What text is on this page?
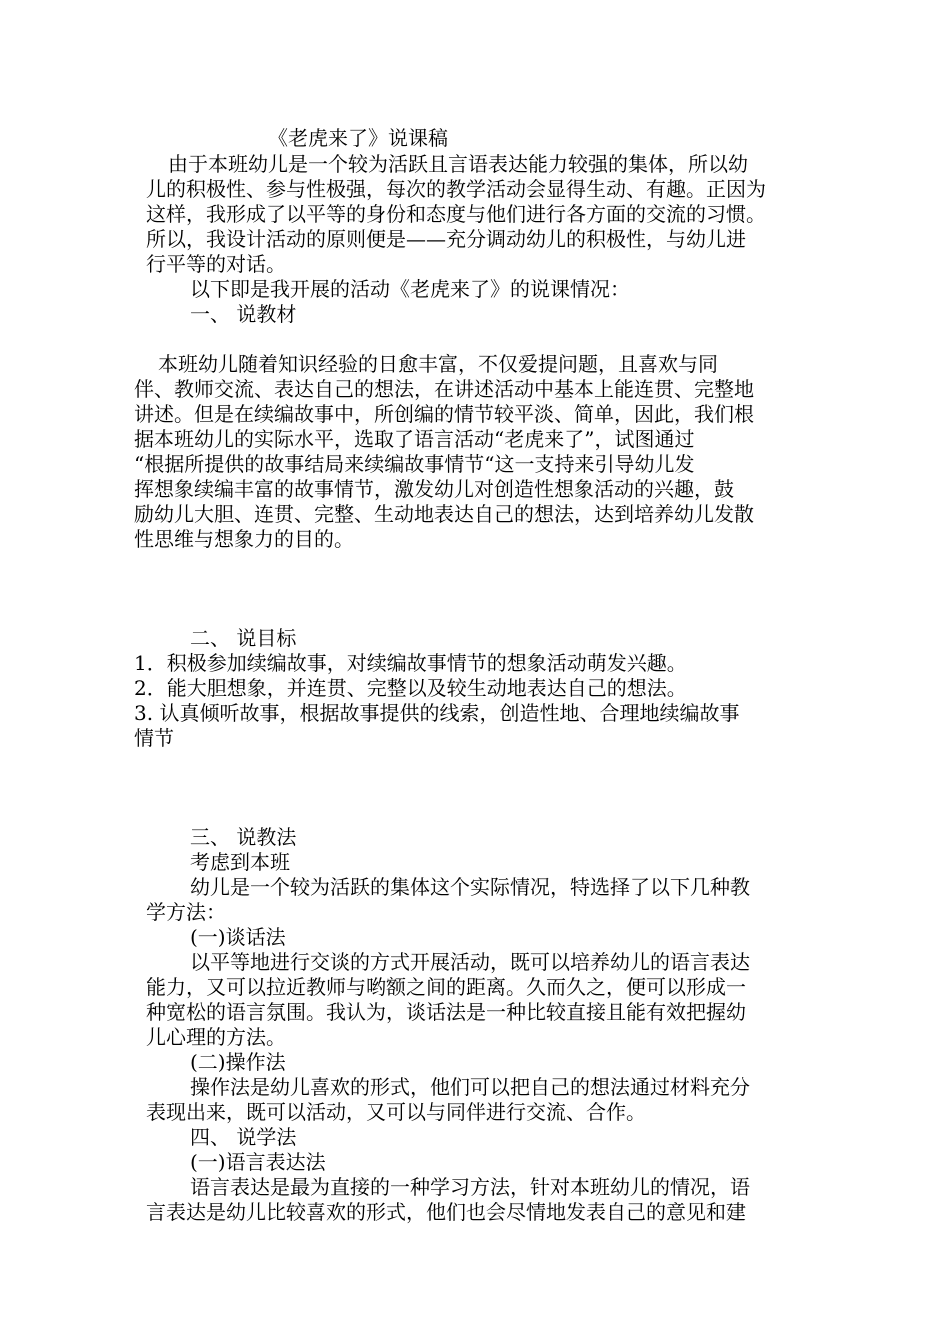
《老虎来了》说课稿
由于本班幼儿是一个较为活跃且言语表达能力较强的集体，所以幼
儿的积极性、参与性极强，每次的教学活动会显得生动、有趣。正因为
这样，我形成了以平等的身份和态度与他们进行各方面的交流的习惯。
所以，我设计活动的原则便是——充分调动幼儿的积极性，与幼儿进
行平等的对话。
以下即是我开展的活动《老虎来了》的说课情况：
一、 说教材
本班幼儿随着知识经验的日愈丰富，不仅爱提问题，且喜欢与同
伴、教师交流、表达自己的想法，在讲述活动中基本上能连贯、完整地
讲述。但是在续编故事中，所创编的情节较平淡、简单，因此，我们根
据本班幼儿的实际水平，选取了语言活动“老虎来了”，试图通过
“根据所提供的故事结局来续编故事情节“这一支持来引导幼儿发
挥想象续编丰富的故事情节，激发幼儿对创造性想象活动的兴趣，鼓
励幼儿大胆、连贯、完整、生动地表达自己的想法，达到培养幼儿发散
性思维与想象力的目的。
二、 说目标
1．积极参加续编故事，对续编故事情节的想象活动萌发兴趣。
2．能大胆想象，并连贯、完整以及较生动地表达自己的想法。
3. 认真倾听故事，根据故事提供的线索，创造性地、合理地续编故事
情节
三、 说教法
考虑到本班
幼儿是一个较为活跃的集体这个实际情况，特选择了以下几种教
学方法：
(一)谈话法
以平等地进行交谈的方式开展活动，既可以培养幼儿的语言表达
能力，又可以拉近教师与哟额之间的距离。久而久之，便可以形成一
种宽松的语言氛围。我认为，谈话法是一种比较直接且能有效把握幼
儿心理的方法。
(二)操作法
操作法是幼儿喜欢的形式，他们可以把自己的想法通过材料充分
表现出来，既可以活动，又可以与同伴进行交流、合作。
四、 说学法
(一)语言表达法
语言表达是最为直接的一种学习方法，针对本班幼儿的情况，语
言表达是幼儿比较喜欢的形式，他们也会尽情地发表自己的意见和建
